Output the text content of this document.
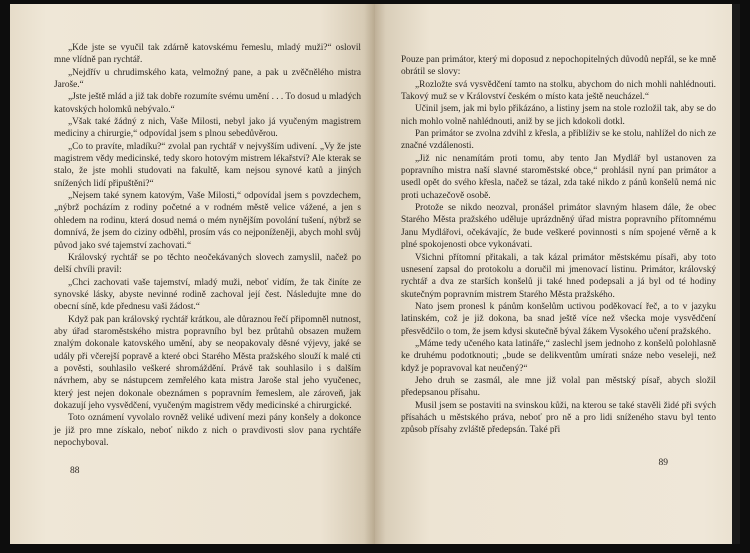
„Kde jste se vyučil tak zdárně katovskému řemeslu, mladý muži?“ oslovil mne vlídně pan rychtář.

„Nejdřív u chrudimského kata, velmožný pane, a pak u zvěčnělého mistra Jaroše.“

„Jste ještě mlád a již tak dobře rozumíte svému umění . . . To dosud u mladých katovských holomků nebývalo.“

„Však také žádný z nich, Vaše Milosti, nebyl jako já vyučeným magistrem mediciny a chirurgie,“ odpovídal jsem s plnou sebedůvěrou.

„Co to pravíte, mladíku?“ zvolal pan rychtář v nejvyšším udivení. „Vy že jste magistrem vědy medicinské, tedy skoro hotovým mistrem lékařství? Ale kterak se stalo, že jste mohli studovati na fakultě, kam nejsou synové katů a jiných snížených lidí připuštěni?“

„Nejsem také synem katovým, Vaše Milosti,“ odpovídal jsem s povzdechem, „nýbrž pocházím z rodiny početné a v rodném městě velice vážené, a jen s ohledem na rodinu, která dosud nemá o mém nynějším povolání tušení, nýbrž se domnívá, že jsem do ciziny odběhl, prosím vás co nejponíženěji, abych mohl svůj původ jako své tajemství zachovati.“

Královský rychtář se po těchto neočekávaných slovech zamyslil, načež po delší chvíli pravil:

„Chci zachovati vaše tajemství, mladý muži, neboť vidím, že tak činíte ze synovské lásky, abyste nevinné rodině zachoval její čest. Následujte mne do obecní síně, kde přednesu vaši žádost.“

Když pak pan královský rychtář krátkou, ale důraznou řečí připomněl nutnost, aby úřad staroměstského mistra popravního byl bez průtahů obsazen mužem znalým dokonale katovského umění, aby se neopakovaly děsné výjevy, jaké se udály při včerejší popravě a které obci Starého Města pražského slouží k malé cti a pověsti, souhlasilo veškeré shromáždění. Právě tak souhlasilo i s dalším návrhem, aby se nástupcem zemřelého kata mistra Jaroše stal jeho vyučenec, který jest nejen dokonale obeznámen s popravním řemeslem, ale zároveň, jak dokazují jeho vysvědčení, vyučeným magistrem vědy medicinské a chirurgické.

Toto oznámení vyvolalo rovněž veliké udivení mezi pány konšely a dokonce je již pro mne získalo, neboť nikdo z nich o pravdivosti slov pana rychtáře nepochyboval.

88

Pouze pan primátor, který mi doposud z nepochopitelných důvodů nepřál, se ke mně obrátil se slovy:

„Rozložte svá vysvědčení tamto na stolku, abychom do nich mohli nahlédnouti. Takový muž se v Království českém o místo kata ještě neucházel.“

Učinil jsem, jak mi bylo přikázáno, a listiny jsem na stole rozložil tak, aby se do nich mohlo volně nahlédnouti, aniž by se jich kdokoli dotkl.

Pan primátor se zvolna zdvihl z křesla, a přiblíživ se ke stolu, nahlížel do nich ze značné vzdálenosti.

„Již nic nenamítám proti tomu, aby tento Jan Mydlář byl ustanoven za popravního mistra naší slavné staroměstské obce,“ prohlásil nyní pan primátor a usedl opět do svého křesla, načež se tázal, zda také nikdo z pánů konšelů nemá nic proti uchazečově osobě.

Protože se nikdo neozval, pronášel primátor slavným hlasem dále, že obec Starého Města pražského uděluje uprázdněný úřad mistra popravního přítomnému Janu Mydlářovi, očekávajíc, že bude veškeré povinnosti s ním spojené věrně a k plné spokojenosti obce vykonávati.

Všichni přítomní přitakali, a tak kázal primátor městskému písaři, aby toto usnesení zapsal do protokolu a doručil mi jmenovací listinu. Primátor, královský rychtář a dva ze starších konšelů ji také hned podepsali a já byl od té hodiny skutečným popravním mistrem Starého Města pražského.

Nato jsem pronesl k pánům konšelům uctivou poděkovací řeč, a to v jazyku latinském, což je již dokona, ba snad ještě více než všecka moje vysvědčení přesvědčilo o tom, že jsem kdysi skutečně býval žákem Vysokého učení pražského.

„Máme tedy učeného kata latináře,“ zaslechl jsem jednoho z konšelů polohlasně ke druhému podotknouti; „bude se delikventům umírati snáze nebo veseleji, než když je popravoval kat neučený?“

Jeho druh se zasmál, ale mne již volal pan městský písař, abych složil předepsanou přísahu.

Musil jsem se postaviti na svinskou kůži, na kterou se také stavěli židé při svých přísahách u městského práva, neboť pro ně a pro lidi sníženého stavu byl tento způsob přísahy zvláště předepsán. Také při

89
